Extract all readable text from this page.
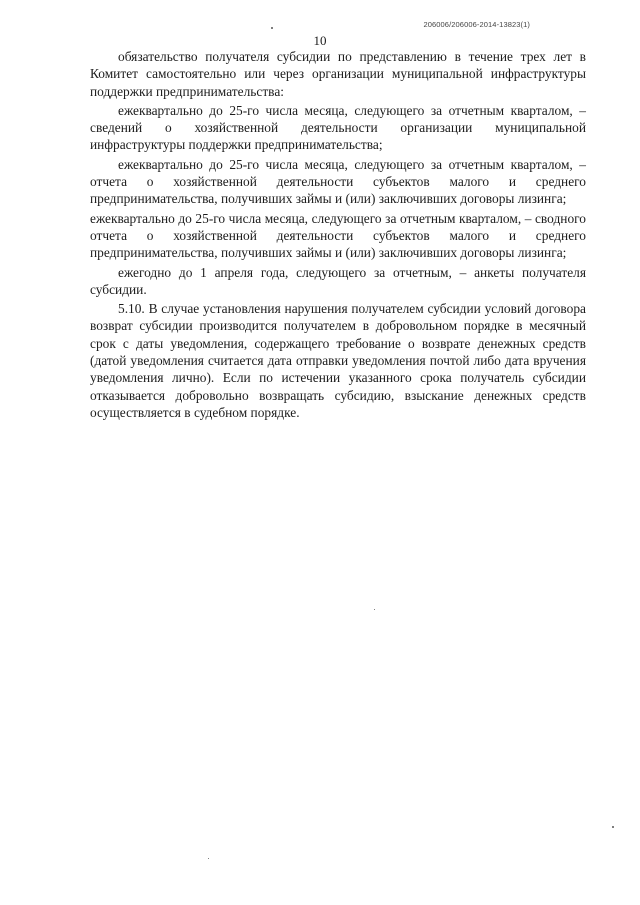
206006/206006-2014-13823(1)
10

обязательство получателя субсидии по представлению в течение трех лет в Комитет самостоятельно или через организации муниципальной инфраструктуры поддержки предпринимательства:

ежеквартально до 25-го числа месяца, следующего за отчетным кварталом, – сведений о хозяйственной деятельности организации муниципальной инфраструктуры поддержки предпринимательства;

ежеквартально до 25-го числа месяца, следующего за отчетным кварталом, – отчета о хозяйственной деятельности субъектов малого и среднего предпринимательства, получивших займы и (или) заключивших договоры лизинга;

ежеквартально до 25-го числа месяца, следующего за отчетным кварталом, – сводного отчета о хозяйственной деятельности субъектов малого и среднего предпринимательства, получивших займы и (или) заключивших договоры лизинга;

ежегодно до 1 апреля года, следующего за отчетным, – анкеты получателя субсидии.

5.10. В случае установления нарушения получателем субсидии условий договора возврат субсидии производится получателем в добровольном порядке в месячный срок с даты уведомления, содержащего требование о возврате денежных средств (датой уведомления считается дата отправки уведомления почтой либо дата вручения уведомления лично). Если по истечении указанного срока получатель субсидии отказывается добровольно возвращать субсидию, взыскание денежных средств осуществляется в судебном порядке.
